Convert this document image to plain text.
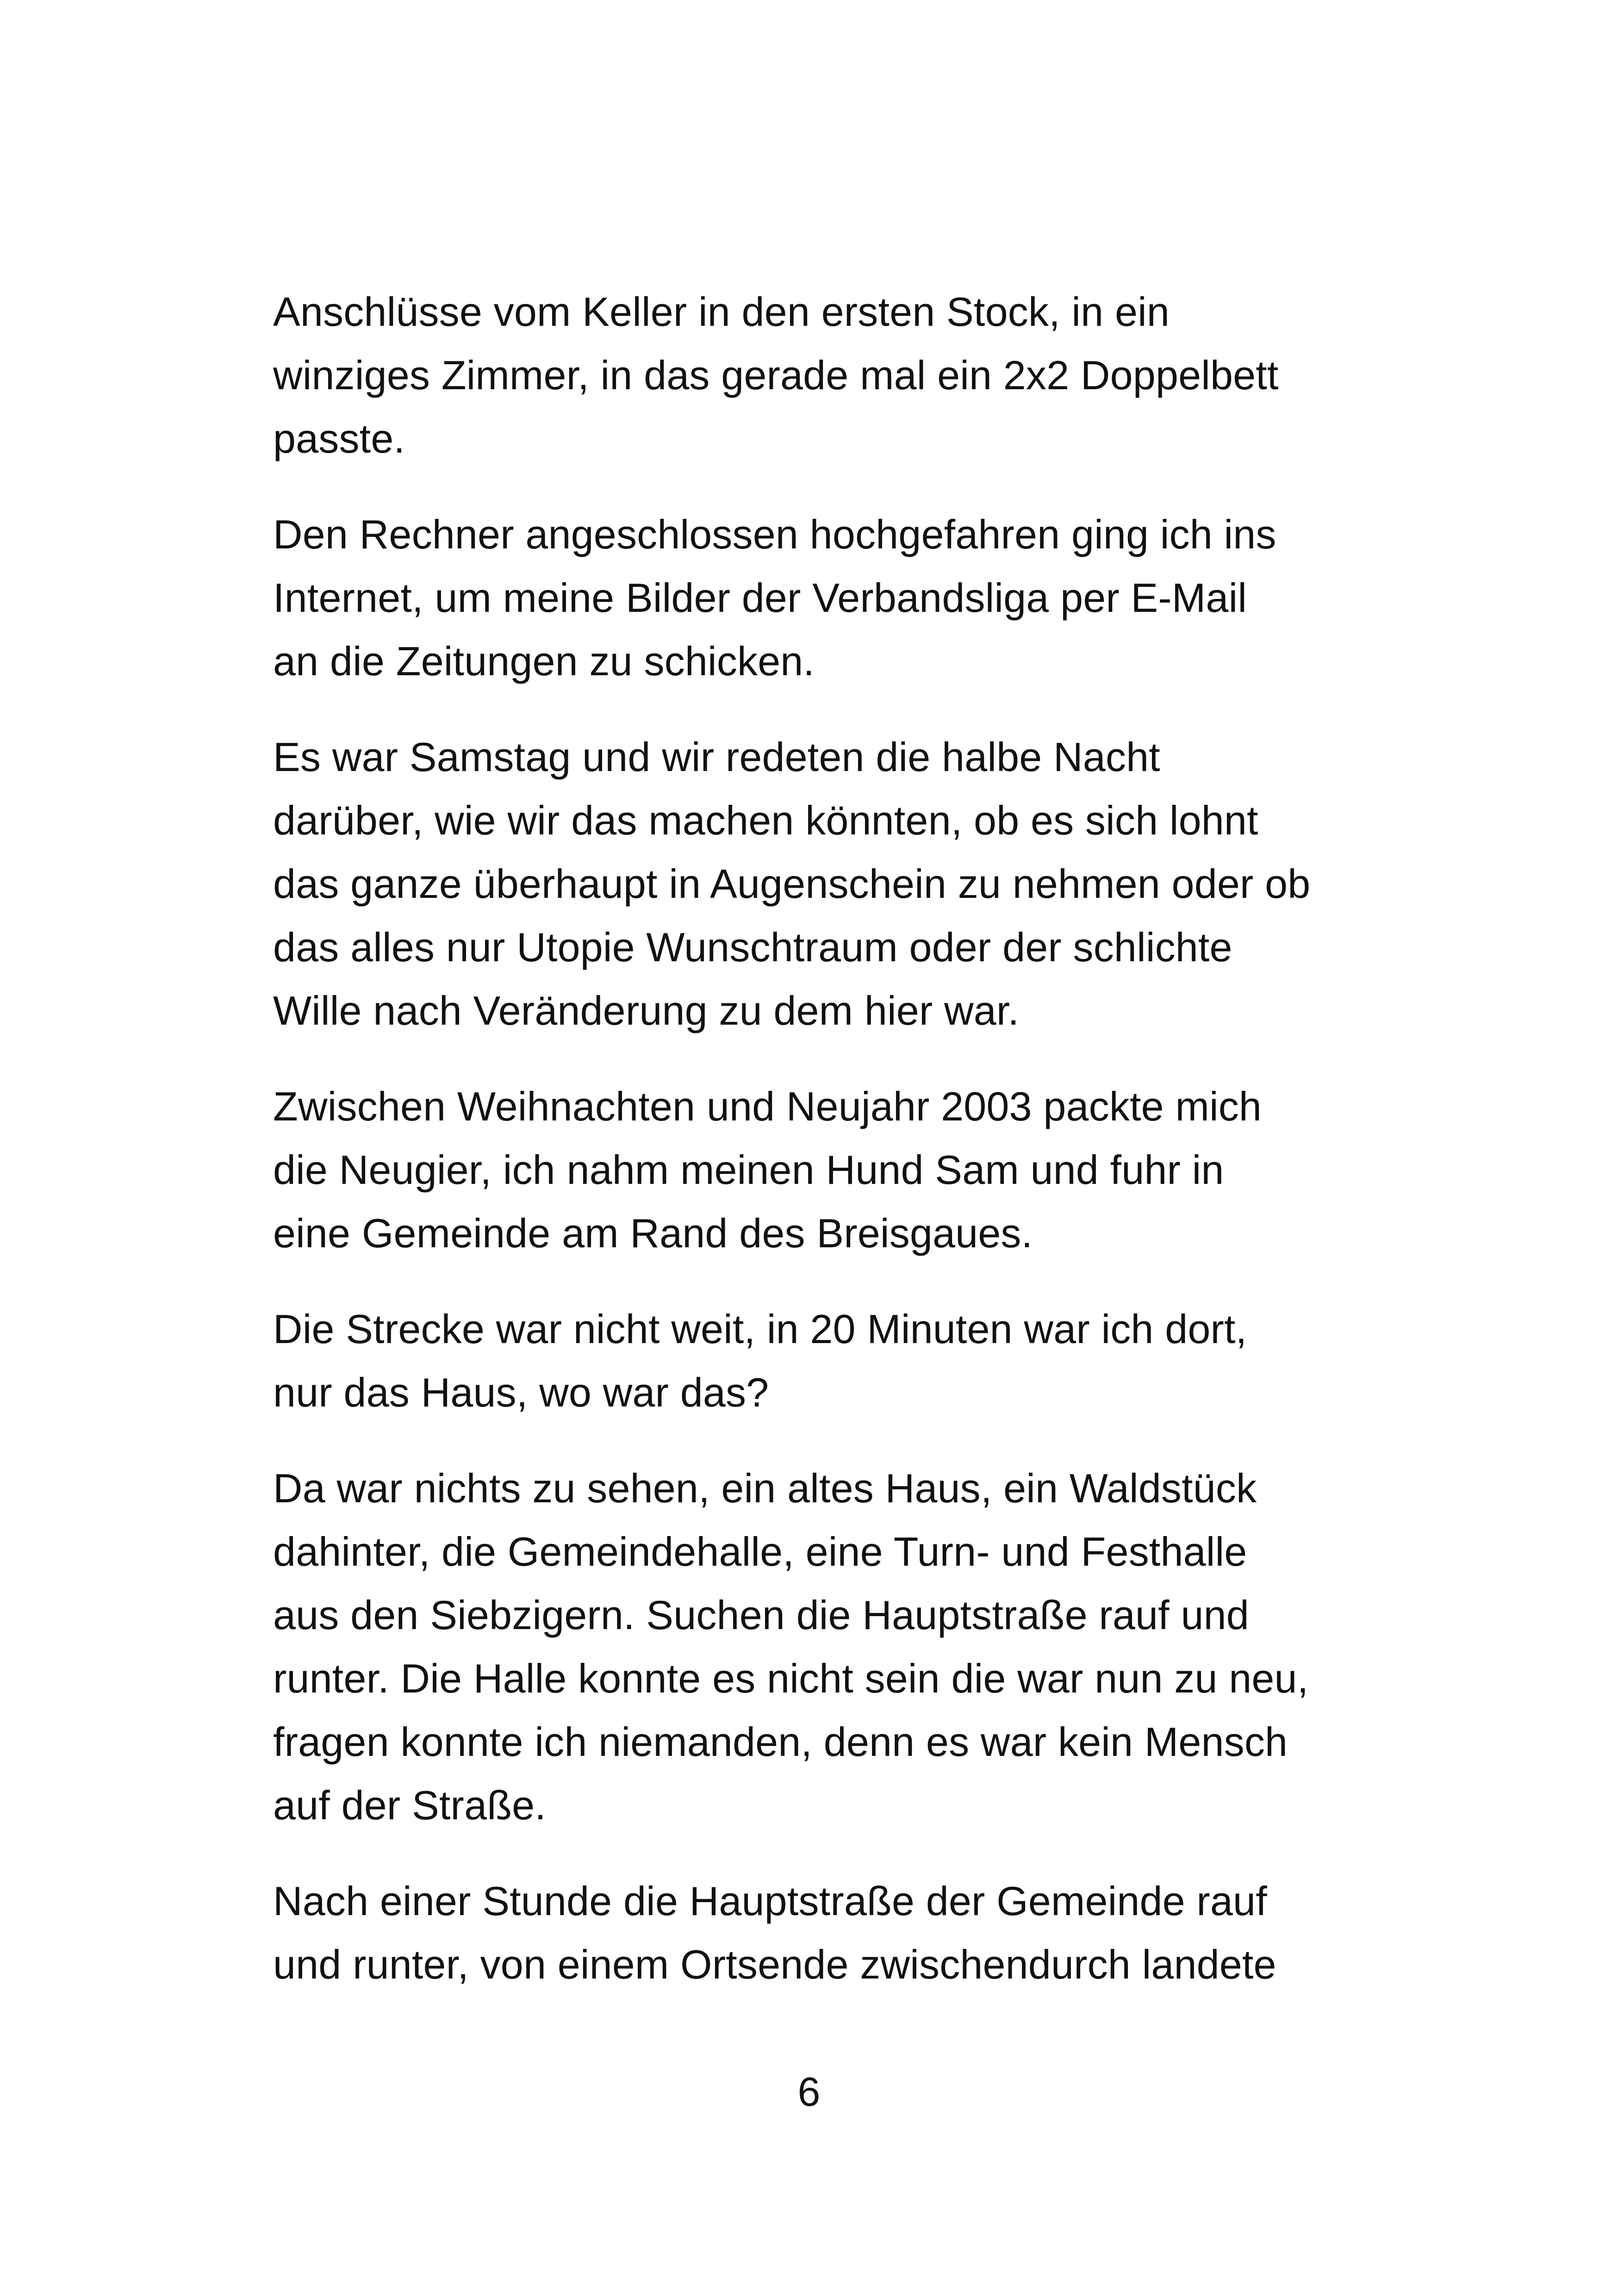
Anschlüsse vom Keller in den ersten Stock, in ein
winziges Zimmer, in das gerade mal ein 2x2 Doppelbett
passte.

Den Rechner angeschlossen hochgefahren ging ich ins
Internet, um meine Bilder der Verbandsliga per E-Mail
an die Zeitungen zu schicken.

Es war Samstag und wir redeten die halbe Nacht
darüber, wie wir das machen könnten, ob es sich lohnt
das ganze überhaupt in Augenschein zu nehmen oder ob
das alles nur Utopie Wunschtraum oder der schlichte
Wille nach Veränderung zu dem hier war.

Zwischen Weihnachten und Neujahr 2003 packte mich
die Neugier, ich nahm meinen Hund Sam und fuhr in
eine Gemeinde am Rand des Breisgaues.

Die Strecke war nicht weit, in 20 Minuten war ich dort,
nur das Haus, wo war das?

Da war nichts zu sehen, ein altes Haus, ein Waldstück
dahinter, die Gemeindehalle, eine Turn- und Festhalle
aus den Siebzigern. Suchen die Hauptstraße rauf und
runter. Die Halle konnte es nicht sein die war nun zu neu,
fragen konnte ich niemanden, denn es war kein Mensch
auf der Straße.

Nach einer Stunde die Hauptstraße der Gemeinde rauf
und runter, von einem Ortsende zwischendurch landete

6
